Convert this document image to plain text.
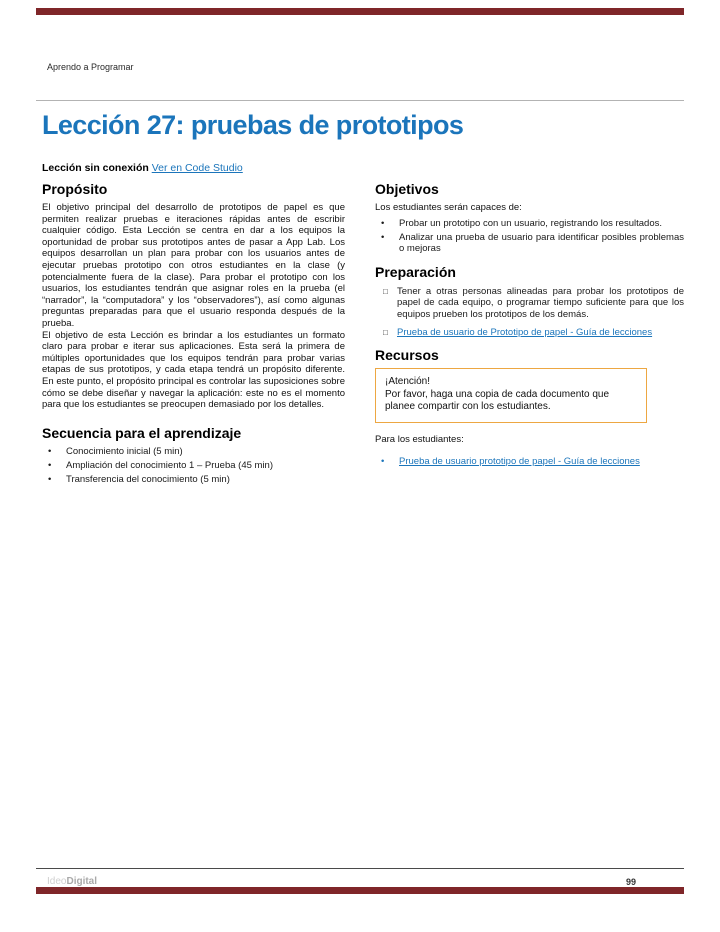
Aprendo a Programar
Lección 27: pruebas de prototipos
Lección sin conexión Ver en Code Studio
Propósito

El objetivo principal del desarrollo de prototipos de papel es que permiten realizar pruebas e iteraciones rápidas antes de escribir cualquier código. Esta Lección se centra en dar a los equipos la oportunidad de probar sus prototipos antes de pasar a App Lab. Los equipos desarrollan un plan para probar con los usuarios antes de ejecutar pruebas prototipo con otros estudiantes en la clase (y potencialmente fuera de la clase). Para probar el prototipo con los usuarios, los estudiantes tendrán que asignar roles en la prueba (el “narrador”, la “computadora” y los “observadores”), así como algunas preguntas preparadas para que el usuario responda después de la prueba.

El objetivo de esta Lección es brindar a los estudiantes un formato claro para probar e iterar sus aplicaciones. Esta será la primera de múltiples oportunidades que los equipos tendrán para probar varias etapas de sus prototipos, y cada etapa tendrá un propósito diferente. En este punto, el propósito principal es controlar las suposiciones sobre cómo se debe diseñar y navegar la aplicación: este no es el momento para que los estudiantes se preocupen demasiado por los detalles.

Secuencia para el aprendizaje
•	Conocimiento inicial (5 min)
•	Ampliación del conocimiento 1 – Prueba (45 min)
•	Transferencia del conocimiento (5 min)
Objetivos

Los estudiantes serán capaces de:

•	Probar un prototipo con un usuario, registrando los resultados.
•	Analizar una prueba de usuario para identificar posibles problemas o mejoras
Preparación
□ Tener a otras personas alineadas para probar los prototipos de papel de cada equipo, o programar tiempo suficiente para que los equipos prueben los prototipos de los demás.
□ Prueba de usuario de Prototipo de papel - Guía de lecciones
Recursos
¡Atención!
Por favor, haga una copia de cada documento que planee compartir con los estudiantes.
Para los estudiantes:
•	Prueba de usuario prototipo de papel - Guía de lecciones
IdeoDigital	99
